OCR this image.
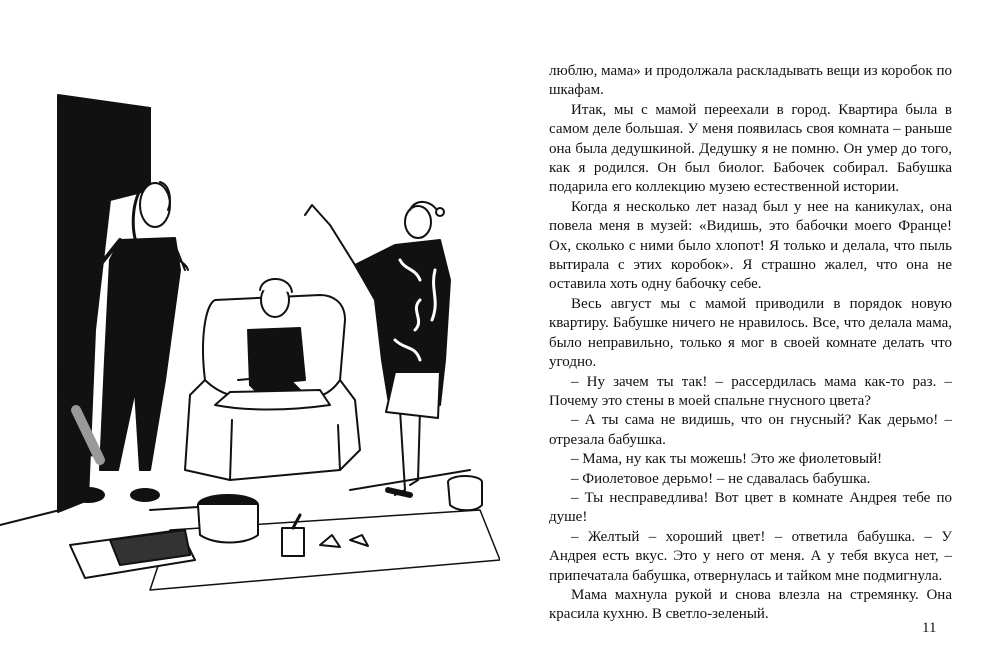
люблю, мама» и продолжала раскладывать вещи из коробок по шкафам.

Итак, мы с мамой переехали в город. Квартира была в самом деле большая. У меня появилась своя комната – раньше она была дедушкиной. Дедушку я не помню. Он умер до того, как я родился. Он был биолог. Бабочек собирал. Бабушка подарила его коллекцию музею естественной истории.

Когда я несколько лет назад был у нее на каникулах, она повела меня в музей: «Видишь, это бабочки моего Франце! Ох, сколько с ними было хлопот! Я только и делала, что пыль вытирала с этих коробок». Я страшно жалел, что она не оставила хоть одну бабочку себе.

Весь август мы с мамой приводили в порядок новую квартиру. Бабушке ничего не нравилось. Все, что делала мама, было неправильно, только я мог в своей комнате делать что угодно.

– Ну зачем ты так! – рассердилась мама как-то раз. – Почему это стены в моей спальне гнусного цвета?

– А ты сама не видишь, что он гнусный? Как дерьмо! – отрезала бабушка.

– Мама, ну как ты можешь! Это же фиолетовый!

– Фиолетовое дерьмо! – не сдавалась бабушка.

– Ты несправедлива! Вот цвет в комнате Андрея тебе по душе!

– Желтый – хороший цвет! – ответила бабушка. – У Андрея есть вкус. Это у него от меня. А у тебя вкуса нет, – припечатала бабушка, отвернулась и тайком мне подмигнула.

Мама махнула рукой и снова влезла на стремянку. Она красила кухню. В светло-зеленый.

11
